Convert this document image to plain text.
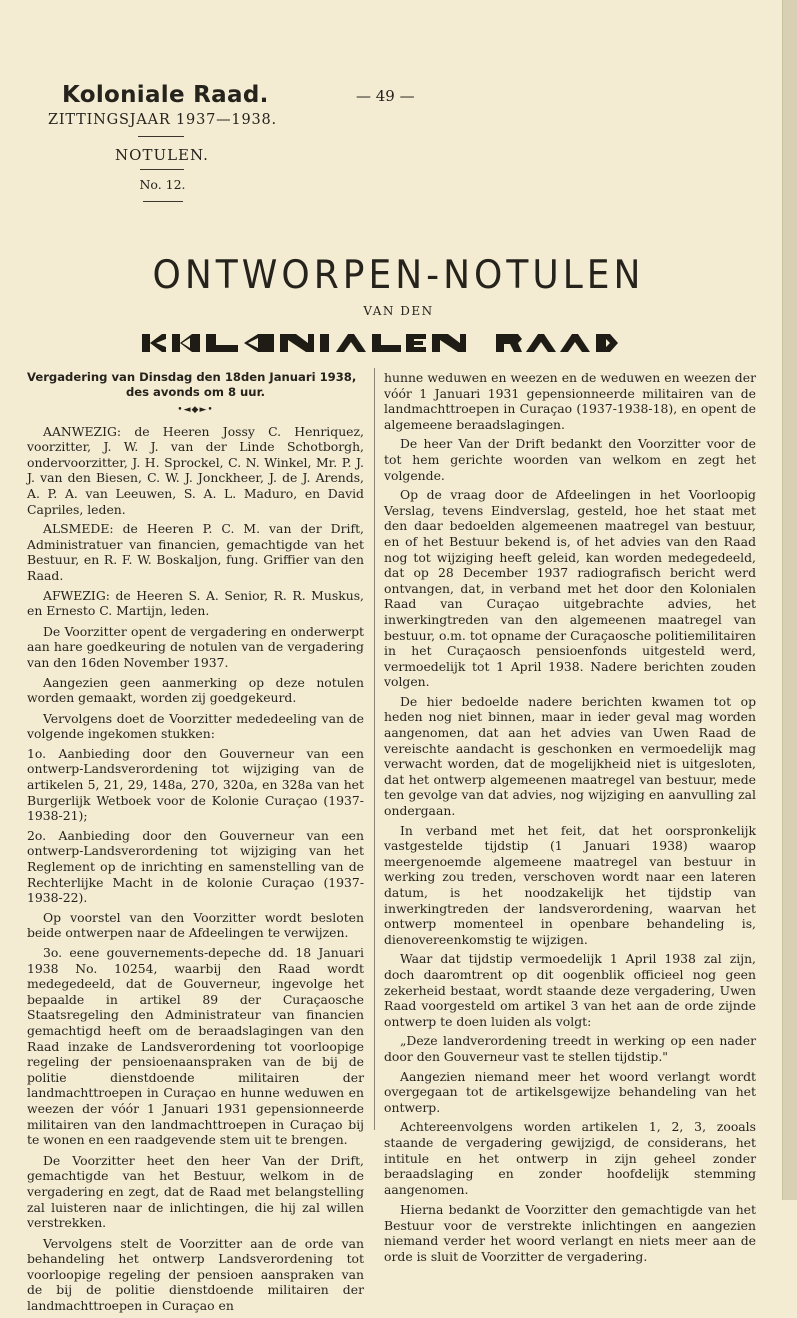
Koloniale Raad.
ZITTINGSJAAR 1937—1938.
NOTULEN.
No. 12.
— 49 —
ONTWORPEN-NOTULEN
VAN DEN
Vergadering van Dinsdag den 18den Januari 1938,
des avonds om 8 uur.
•◄◆►•

AANWEZIG: de Heeren Jossy C. Henriquez, voorzitter, J. W. J. van der Linde Schotborgh, ondervoorzitter, J. H. Sprockel, C. N. Winkel, Mr. P. J. J. van den Biesen, C. W. J. Jonckheer, J. de J. Arends, A. P. A. van Leeuwen, S. A. L. Maduro, en David Capriles, leden.

ALSMEDE: de Heeren P. C. M. van der Drift, Administratuer van financien, gemachtigde van het Bestuur, en R. F. W. Boskaljon, fung. Griffier van den Raad.

AFWEZIG: de Heeren S. A. Senior, R. R. Muskus, en Ernesto C. Martijn, leden.

De Voorzitter opent de vergadering en onderwerpt aan hare goedkeuring de notulen van de vergadering van den 16den November 1937.

Aangezien geen aanmerking op deze notulen worden gemaakt, worden zij goedgekeurd.

Vervolgens doet de Voorzitter mededeeling van de volgende ingekomen stukken:

1o. Aanbieding door den Gouverneur van een ontwerp-Landsverordening tot wijziging van de artikelen 5, 21, 29, 148a, 270, 320a, en 328a van het Burgerlijk Wetboek voor de Kolonie Curaçao (1937-1938-21);

2o. Aanbieding door den Gouverneur van een ontwerp-Landsverordening tot wijziging van het Reglement op de inrichting en samenstelling van de Rechterlijke Macht in de kolonie Curaçao (1937-1938-22).

Op voorstel van den Voorzitter wordt besloten beide ontwerpen naar de Afdeelingen te verwijzen.

3o. eene gouvernements-depeche dd. 18 Januari 1938 No. 10254, waarbij den Raad wordt medegedeeld, dat de Gouverneur, ingevolge het bepaalde in artikel 89 der Curaçaosche Staatsregeling den Administrateur van financien gemachtigd heeft om de beraadslagingen van den Raad inzake de Landsverordening tot voorloopige regeling der pensioenaanspraken van de bij de politie dienstdoende militairen der landmachttroepen in Curaçao en hunne weduwen en weezen der vóór 1 Januari 1931 gepensionneerde militairen van den landmachttroepen in Curaçao bij te wonen en een raadgevende stem uit te brengen.

De Voorzitter heet den heer Van der Drift, gemachtigde van het Bestuur, welkom in de vergadering en zegt, dat de Raad met belangstelling zal luisteren naar de inlichtingen, die hij zal willen verstrekken.

Vervolgens stelt de Voorzitter aan de orde van behandeling het ontwerp Landsverordening tot voorloopige regeling der pensioen aanspraken van de bij de politie dienstdoende militairen der landmachttroepen in Curaçao en

hunne weduwen en weezen en de weduwen en weezen der vóór 1 Januari 1931 gepensionneerde militairen van de landmachttroepen in Curaçao (1937-1938-18), en opent de algemeene beraadslagingen.

De heer Van der Drift bedankt den Voorzitter voor de tot hem gerichte woorden van welkom en zegt het volgende.

Op de vraag door de Afdeelingen in het Voorloopig Verslag, tevens Eindverslag, gesteld, hoe het staat met den daar bedoelden algemeenen maatregel van bestuur, en of het Bestuur bekend is, of het advies van den Raad nog tot wijziging heeft geleid, kan worden medegedeeld, dat op 28 December 1937 radiografisch bericht werd ontvangen, dat, in verband met het door den Kolonialen Raad van Curaçao uitgebrachte advies, het inwerkingtreden van den algemeenen maatregel van bestuur, o.m. tot opname der Curaçaosche politiemilitairen in het Curaçaosch pensioenfonds uitgesteld werd, vermoedelijk tot 1 April 1938. Nadere berichten zouden volgen.

De hier bedoelde nadere berichten kwamen tot op heden nog niet binnen, maar in ieder geval mag worden aangenomen, dat aan het advies van Uwen Raad de vereischte aandacht is geschonken en vermoedelijk mag verwacht worden, dat de mogelijkheid niet is uitgesloten, dat het ontwerp algemeenen maatregel van bestuur, mede ten gevolge van dat advies, nog wijziging en aanvulling zal ondergaan.

In verband met het feit, dat het oorspronkelijk vastgestelde tijdstip (1 Januari 1938) waarop meergenoemde algemeene maatregel van bestuur in werking zou treden, verschoven wordt naar een lateren datum, is het noodzakelijk het tijdstip van inwerkingtreden der landsverordening, waarvan het ontwerp momenteel in openbare behandeling is, dienovereenkomstig te wijzigen.

Waar dat tijdstip vermoedelijk 1 April 1938 zal zijn, doch daaromtrent op dit oogenblik officieel nog geen zekerheid bestaat, wordt staande deze vergadering, Uwen Raad voorgesteld om artikel 3 van het aan de orde zijnde ontwerp te doen luiden als volgt:

„Deze landverordening treedt in werking op een nader door den Gouverneur vast te stellen tijdstip."

Aangezien niemand meer het woord verlangt wordt overgegaan tot de artikelsgewijze behandeling van het ontwerp.

Achtereenvolgens worden artikelen 1, 2, 3, zooals staande de vergadering gewijzigd, de considerans, het intitule en het ontwerp in zijn geheel zonder beraadslaging en zonder hoofdelijk stemming aangenomen.

Hierna bedankt de Voorzitter den gemachtigde van het Bestuur voor de verstrekte inlichtingen en aangezien niemand verder het woord verlangt en niets meer aan de orde is sluit de Voorzitter de vergadering.
